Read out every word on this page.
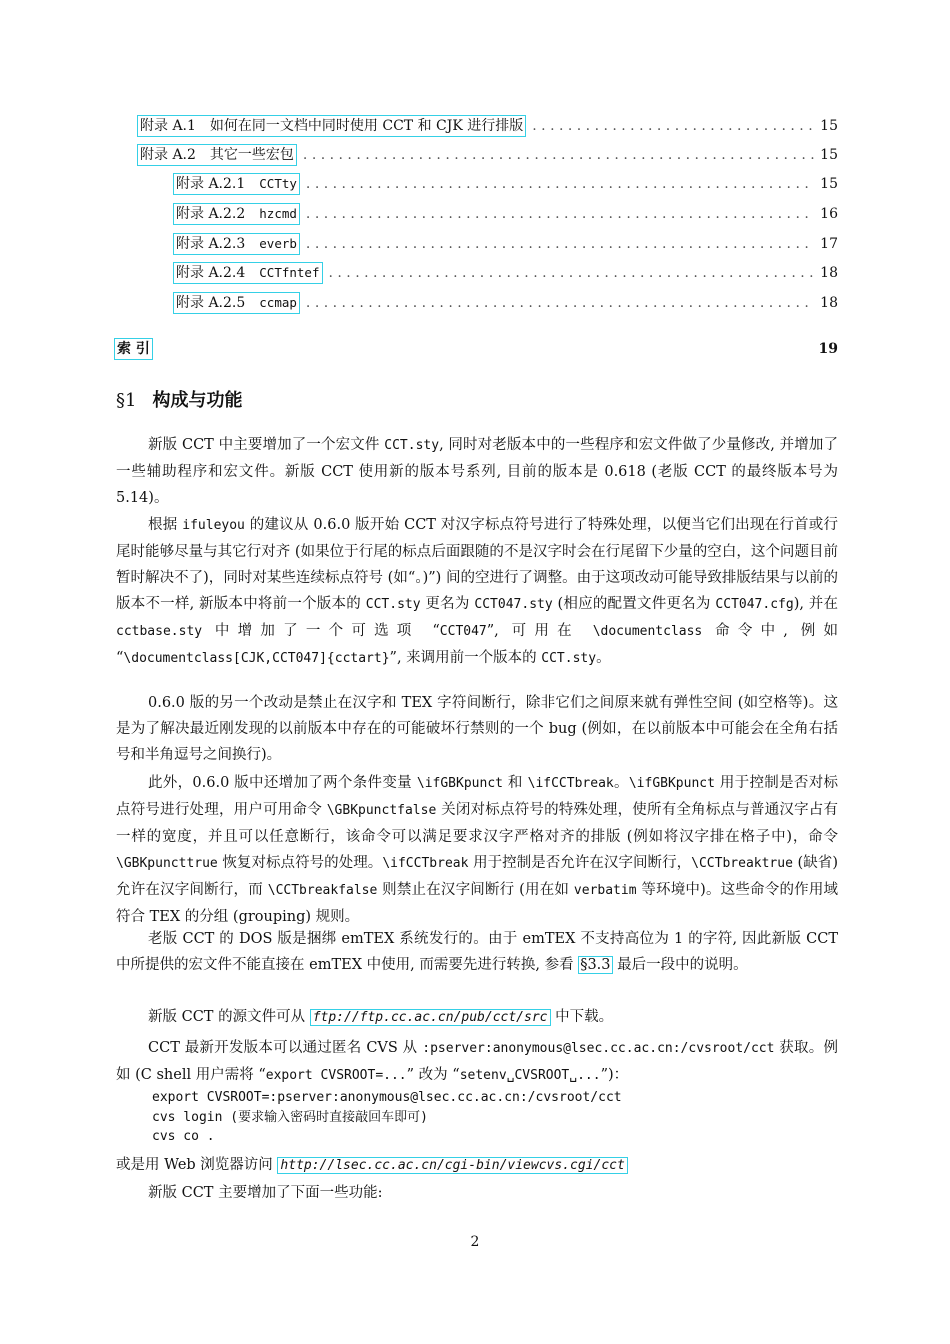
附录 A.1 如何在同一文档中同时使用 CCT 和 CJK 进行排版 . . .	15
附录 A.2 其它一些宏包 . . .	15
附录 A.2.1 CCTty . . .	15
附录 A.2.2 hzcmd . . .	16
附录 A.2.3 everb . . .	17
附录 A.2.4 CCTfntef . . .	18
附录 A.2.5 ccmap . . .	18
索 引	19
§1 构成与功能
新版 CCT 中主要增加了一个宏文件 CCT.sty, 同时对老版本中的一些程序和宏文件做了少量修改, 并增加了一些辅助程序和宏文件。新版 CCT 使用新的版本号系列, 目前的版本是 0.618 (老版 CCT 的最终版本号为 5.14)。
根据 ifuleyou 的建议从 0.6.0 版开始 CCT 对汉字标点符号进行了特殊处理，以便当它们出现在行首或行尾时能够尽量与其它行对齐 (如果位于行尾的标点后面跟随的不是汉字时会在行尾留下少量的空白，这个问题目前暂时解决不了)，同时对某些连续标点符号 (如“。)”) 间的空进行了调整。由于这项改动可能导致排版结果与以前的版本不一样, 新版本中将前一个版本的 CCT.sty 更名为 CCT047.sty (相应的配置文件更名为 CCT047.cfg), 并在 cctbase.sty 中增加了一个可选项 “CCT047”, 可用在 \documentclass 命令中, 例如 “\documentclass[CJK,CCT047]{cctart}”, 来调用前一个版本的 CCT.sty。
0.6.0 版的另一个改动是禁止在汉字和 TEX 字符间断行，除非它们之间原来就有弹性空间 (如空格等)。这是为了解决最近刚发现的以前版本中存在的可能破坏行禁则的一个 bug (例如，在以前版本中可能会在全角右括号和半角逗号之间换行)。
此外，0.6.0 版中还增加了两个条件变量 \ifGBKpunct 和 \ifCCTbreak。\ifGBKpunct 用于控制是否对标点符号进行处理，用户可用命令 \GBKpunctfalse 关闭对标点符号的特殊处理，使所有全角标点与普通汉字占有一样的宽度，并且可以任意断行，该命令可以满足要求汉字严格对齐的排版 (例如将汉字排在格子中)，命令 \GBKpuncttrue 恢复对标点符号的处理。\ifCCTbreak 用于控制是否允许在汉字间断行，\CCTbreaktrue (缺省) 允许在汉字间断行，而 \CCTbreakfalse 则禁止在汉字间断行 (用在如 verbatim 等环境中)。这些命令的作用域符合 TEX 的分组 (grouping) 规则。
老版 CCT 的 DOS 版是捆绑 emTEX 系统发行的。由于 emTEX 不支持高位为 1 的字符, 因此新版 CCT 中所提供的宏文件不能直接在 emTEX 中使用, 而需要先进行转换, 参看 §3.3 最后一段中的说明。
新版 CCT 的源文件可从 ftp://ftp.cc.ac.cn/pub/cct/src 中下载。
CCT 最新开发版本可以通过匿名 CVS 从 :pserver:anonymous@lsec.cc.ac.cn:/cvsroot/cct 获取。例如 (C shell 用户需将 “export CVSROOT=...” 改为 “setenv␣CVSROOT␣...”)：
export CVSROOT=:pserver:anonymous@lsec.cc.ac.cn:/cvsroot/cct
cvs login (要求输入密码时直接敲回车即可)
cvs co .
或是用 Web 浏览器访问 http://lsec.cc.ac.cn/cgi-bin/viewcvs.cgi/cct
新版 CCT 主要增加了下面一些功能:
2
